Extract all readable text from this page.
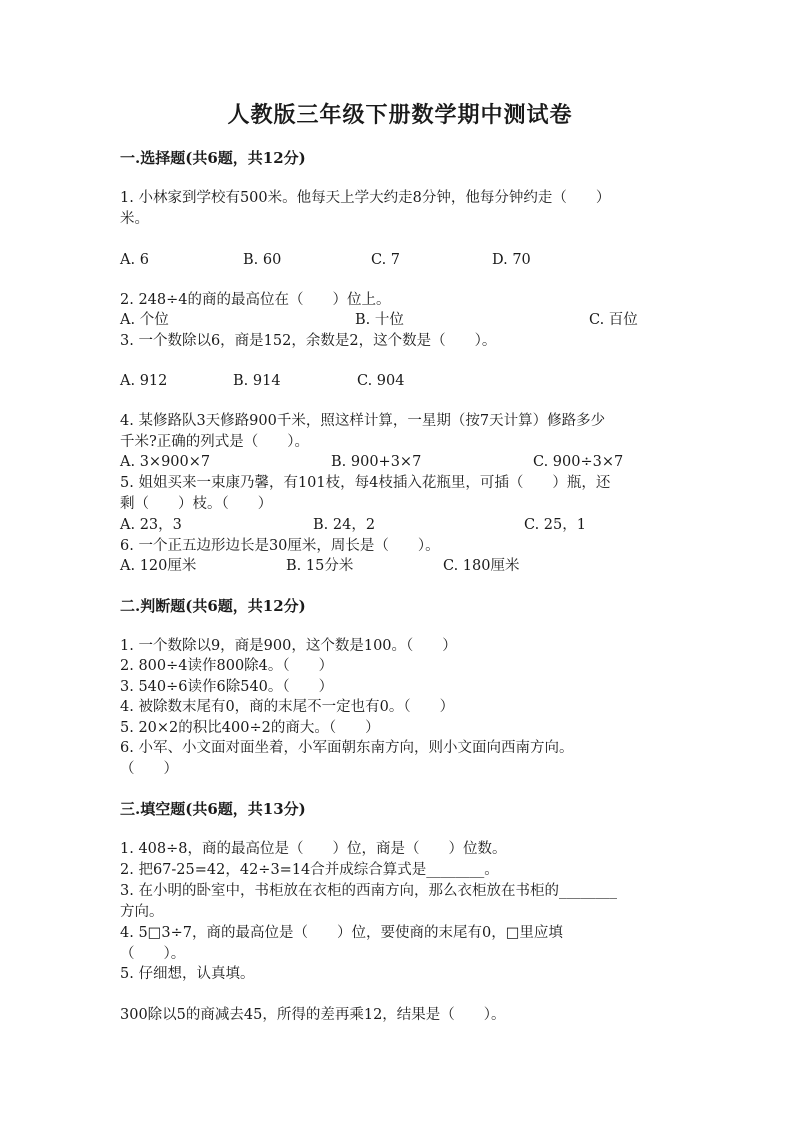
人教版三年级下册数学期中测试卷
一.选择题(共6题，共12分)
1. 小林家到学校有500米。他每天上学大约走8分钟，他每分钟约走（　　）
米。
A. 6	B. 60	C. 7	D. 70
2. 248÷4的商的最高位在（　　）位上。
A. 个位	B. 十位	C. 百位
3. 一个数除以6，商是152，余数是2，这个数是（　　）。
A. 912	B. 914	C. 904
4. 某修路队3天修路900千米，照这样计算，一星期（按7天计算）修路多少
千米?正确的列式是（　　）。
A. 3×900×7	B. 900+3×7	C. 900÷3×7
5. 姐姐买来一束康乃馨，有101枝，每4枝插入花瓶里，可插（　　）瓶，还
剩（　　）枝。（　　）
A. 23，3	B. 24，2	C. 25，1
6. 一个正五边形边长是30厘米，周长是（　　）。
A. 120厘米	B. 15分米	C. 180厘米
二.判断题(共6题，共12分)
1. 一个数除以9，商是900，这个数是100。（　　）
2. 800÷4读作800除4。（　　）
3. 540÷6读作6除540。（　　）
4. 被除数末尾有0，商的末尾不一定也有0。（　　）
5. 20×2的积比400÷2的商大。（　　）
6. 小军、小文面对面坐着，小军面朝东南方向，则小文面向西南方向。
（　　）
三.填空题(共6题，共13分)
1. 408÷8，商的最高位是（　　）位，商是（　　）位数。
2. 把67-25=42，42÷3=14合并成综合算式是________。
3. 在小明的卧室中，书柜放在衣柜的西南方向，那么衣柜放在书柜的________
方向。
4. 5□3÷7，商的最高位是（　　）位，要使商的末尾有0，□里应填
（　　）。
5. 仔细想，认真填。
300除以5的商减去45，所得的差再乘12，结果是（　　）。
